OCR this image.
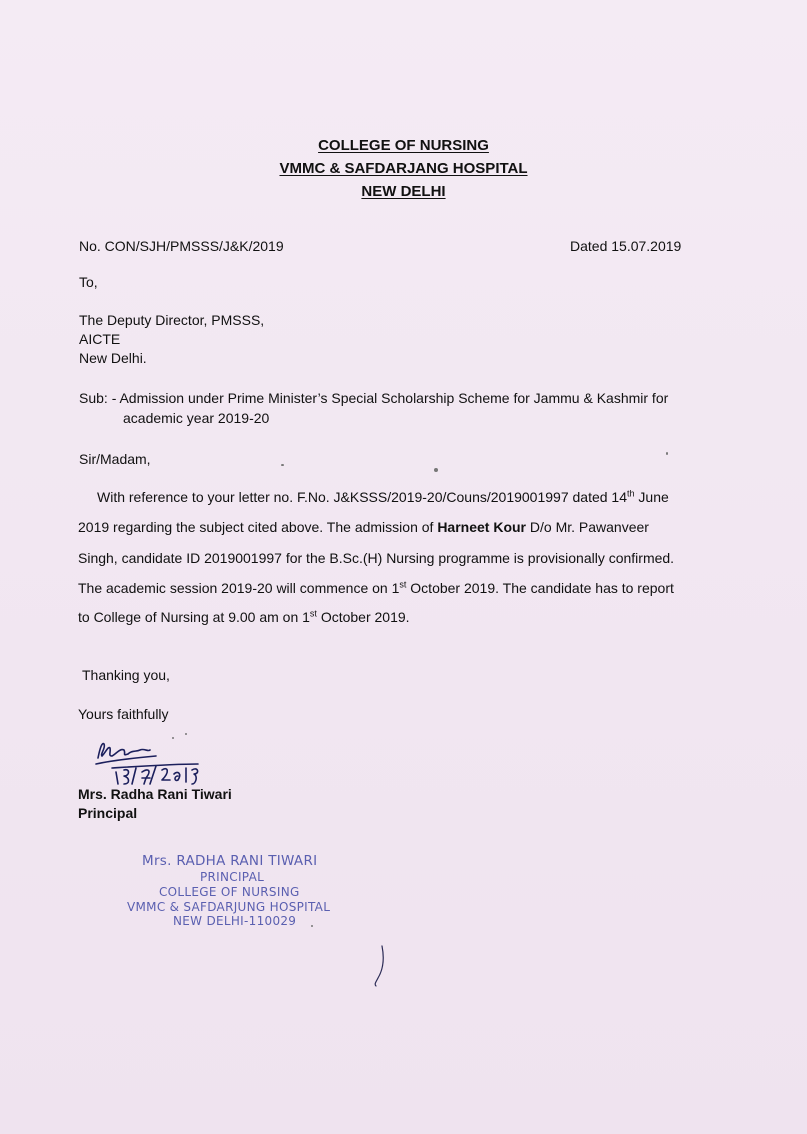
COLLEGE OF NURSING
VMMC & SAFDARJANG HOSPITAL
NEW DELHI
No. CON/SJH/PMSSS/J&K/2019	Dated 15.07.2019
To,
The Deputy Director, PMSSS,
AICTE
New Delhi.
Sub: - Admission under Prime Minister’s Special Scholarship Scheme for Jammu & Kashmir for
academic year 2019-20
Sir/Madam,
With reference to your letter no. F.No. J&KSSS/2019-20/Couns/2019001997 dated 14th June
2019 regarding the subject cited above. The admission of Harneet Kour D/o Mr. Pawanveer
Singh, candidate ID 2019001997 for the B.Sc.(H) Nursing programme is provisionally confirmed.
The academic session 2019-20 will commence on 1st October 2019. The candidate has to report
to College of Nursing at 9.00 am on 1st October 2019.
Thanking you,
Yours faithfully
Mrs. Radha Rani Tiwari
Principal
Mrs. RADHA RANI TIWARI
PRINCIPAL
COLLEGE OF NURSING
VMMC & SAFDARJUNG HOSPITAL
NEW DELHI-110029
